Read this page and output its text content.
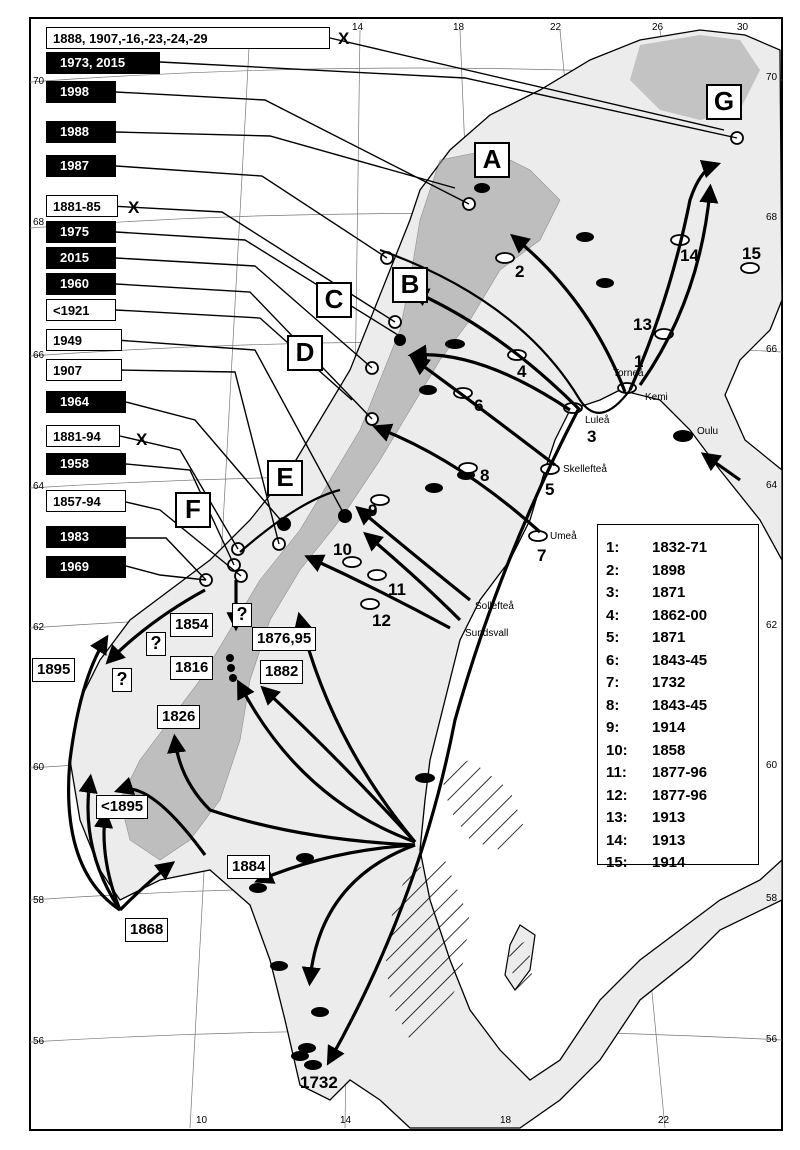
1888, 1907,-16,-23,-24,-29	X
1973, 2015
1998
1988
1987
1881-85	X
1975
2015
1960
<1921
1949
1907
1964
1881-94	X
1958
1857-94
1983
1969
A
B
C
D
E
F
G
Torneå
Kemi
Oulu
Luleå
Skellefteå
Umeå
Sollefteå
Sundsvall
1
2
3
4
5
6
7
8
9
10
11
12
13
14	15
1854
?
1816
?
1876,95
1882
1895	?
1826
<1895
1884
1868
1732
14	18	22	26	30
10	14	18	22
70
68
66
64
62
60
58
56
70
68
66
64
62
60
58
56
1: 1832-71
2: 1898
3: 1871
4: 1862-00
5: 1871
6: 1843-45
7: 1732
8: 1843-45
9: 1914
10: 1858
11: 1877-96
12: 1877-96
13: 1913
14: 1913
15: 1914
